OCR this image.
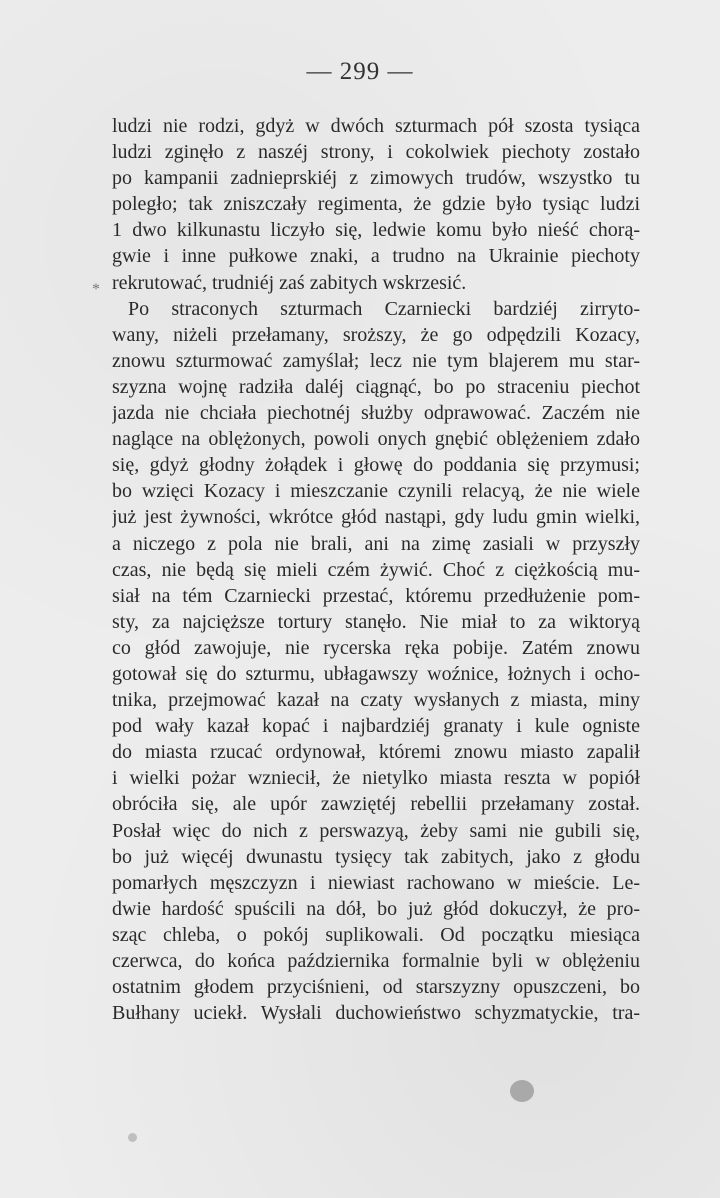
— 299 —
*
ludzi nie rodzi, gdyż w dwóch szturmach pół szosta tysiąca
ludzi zginęło z naszéj strony, i cokolwiek piechoty zostało
po kampanii zadnieprskiéj z zimowych trudów, wszystko tu
poległo; tak zniszczały regimenta, że gdzie było tysiąc ludzi
1 dwo kilkunastu liczyło się, ledwie komu było nieść chorą-
gwie i inne pułkowe znaki, a trudno na Ukrainie piechoty
rekrutować, trudniéj zaś zabitych wskrzesić.
Po straconych szturmach Czarniecki bardziéj zirryto-
wany, niżeli przełamany, sroższy, że go odpędzili Kozacy,
znowu szturmować zamyślał; lecz nie tym blajerem mu star-
szyzna wojnę radziła daléj ciągnąć, bo po straceniu piechot
jazda nie chciała piechotnéj służby odprawować. Zaczém nie
naglące na oblężonych, powoli onych gnębić oblężeniem zdało
się, gdyż głodny żołądek i głowę do poddania się przymusi;
bo wzięci Kozacy i mieszczanie czynili relacyą, że nie wiele
już jest żywności, wkrótce głód nastąpi, gdy ludu gmin wielki,
a niczego z pola nie brali, ani na zimę zasiali w przyszły
czas, nie będą się mieli czém żywić. Choć z ciężkością mu-
siał na tém Czarniecki przestać, któremu przedłużenie pom-
sty, za najcięższe tortury stanęło. Nie miał to za wiktoryą
co głód zawojuje, nie rycerska ręka pobije. Zatém znowu
gotował się do szturmu, ubłagawszy woźnice, łożnych i ocho-
tnika, przejmować kazał na czaty wysłanych z miasta, miny
pod wały kazał kopać i najbardziéj granaty i kule ogniste
do miasta rzucać ordynował, któremi znowu miasto zapalił
i wielki pożar wzniecił, że nietylko miasta reszta w popiół
obróciła się, ale upór zawziętéj rebellii przełamany został.
Posłał więc do nich z perswazyą, żeby sami nie gubili się,
bo już więcéj dwunastu tysięcy tak zabitych, jako z głodu
pomarłych męszczyzn i niewiast rachowano w mieście. Le-
dwie hardość spuścili na dół, bo już głód dokuczył, że pro-
sząc chleba, o pokój suplikowali. Od początku miesiąca
czerwca, do końca października formalnie byli w oblężeniu
ostatnim głodem przyciśnieni, od starszyzny opuszczeni, bo
Bułhany uciekł. Wysłali duchowieństwo schyzmatyckie, tra-
